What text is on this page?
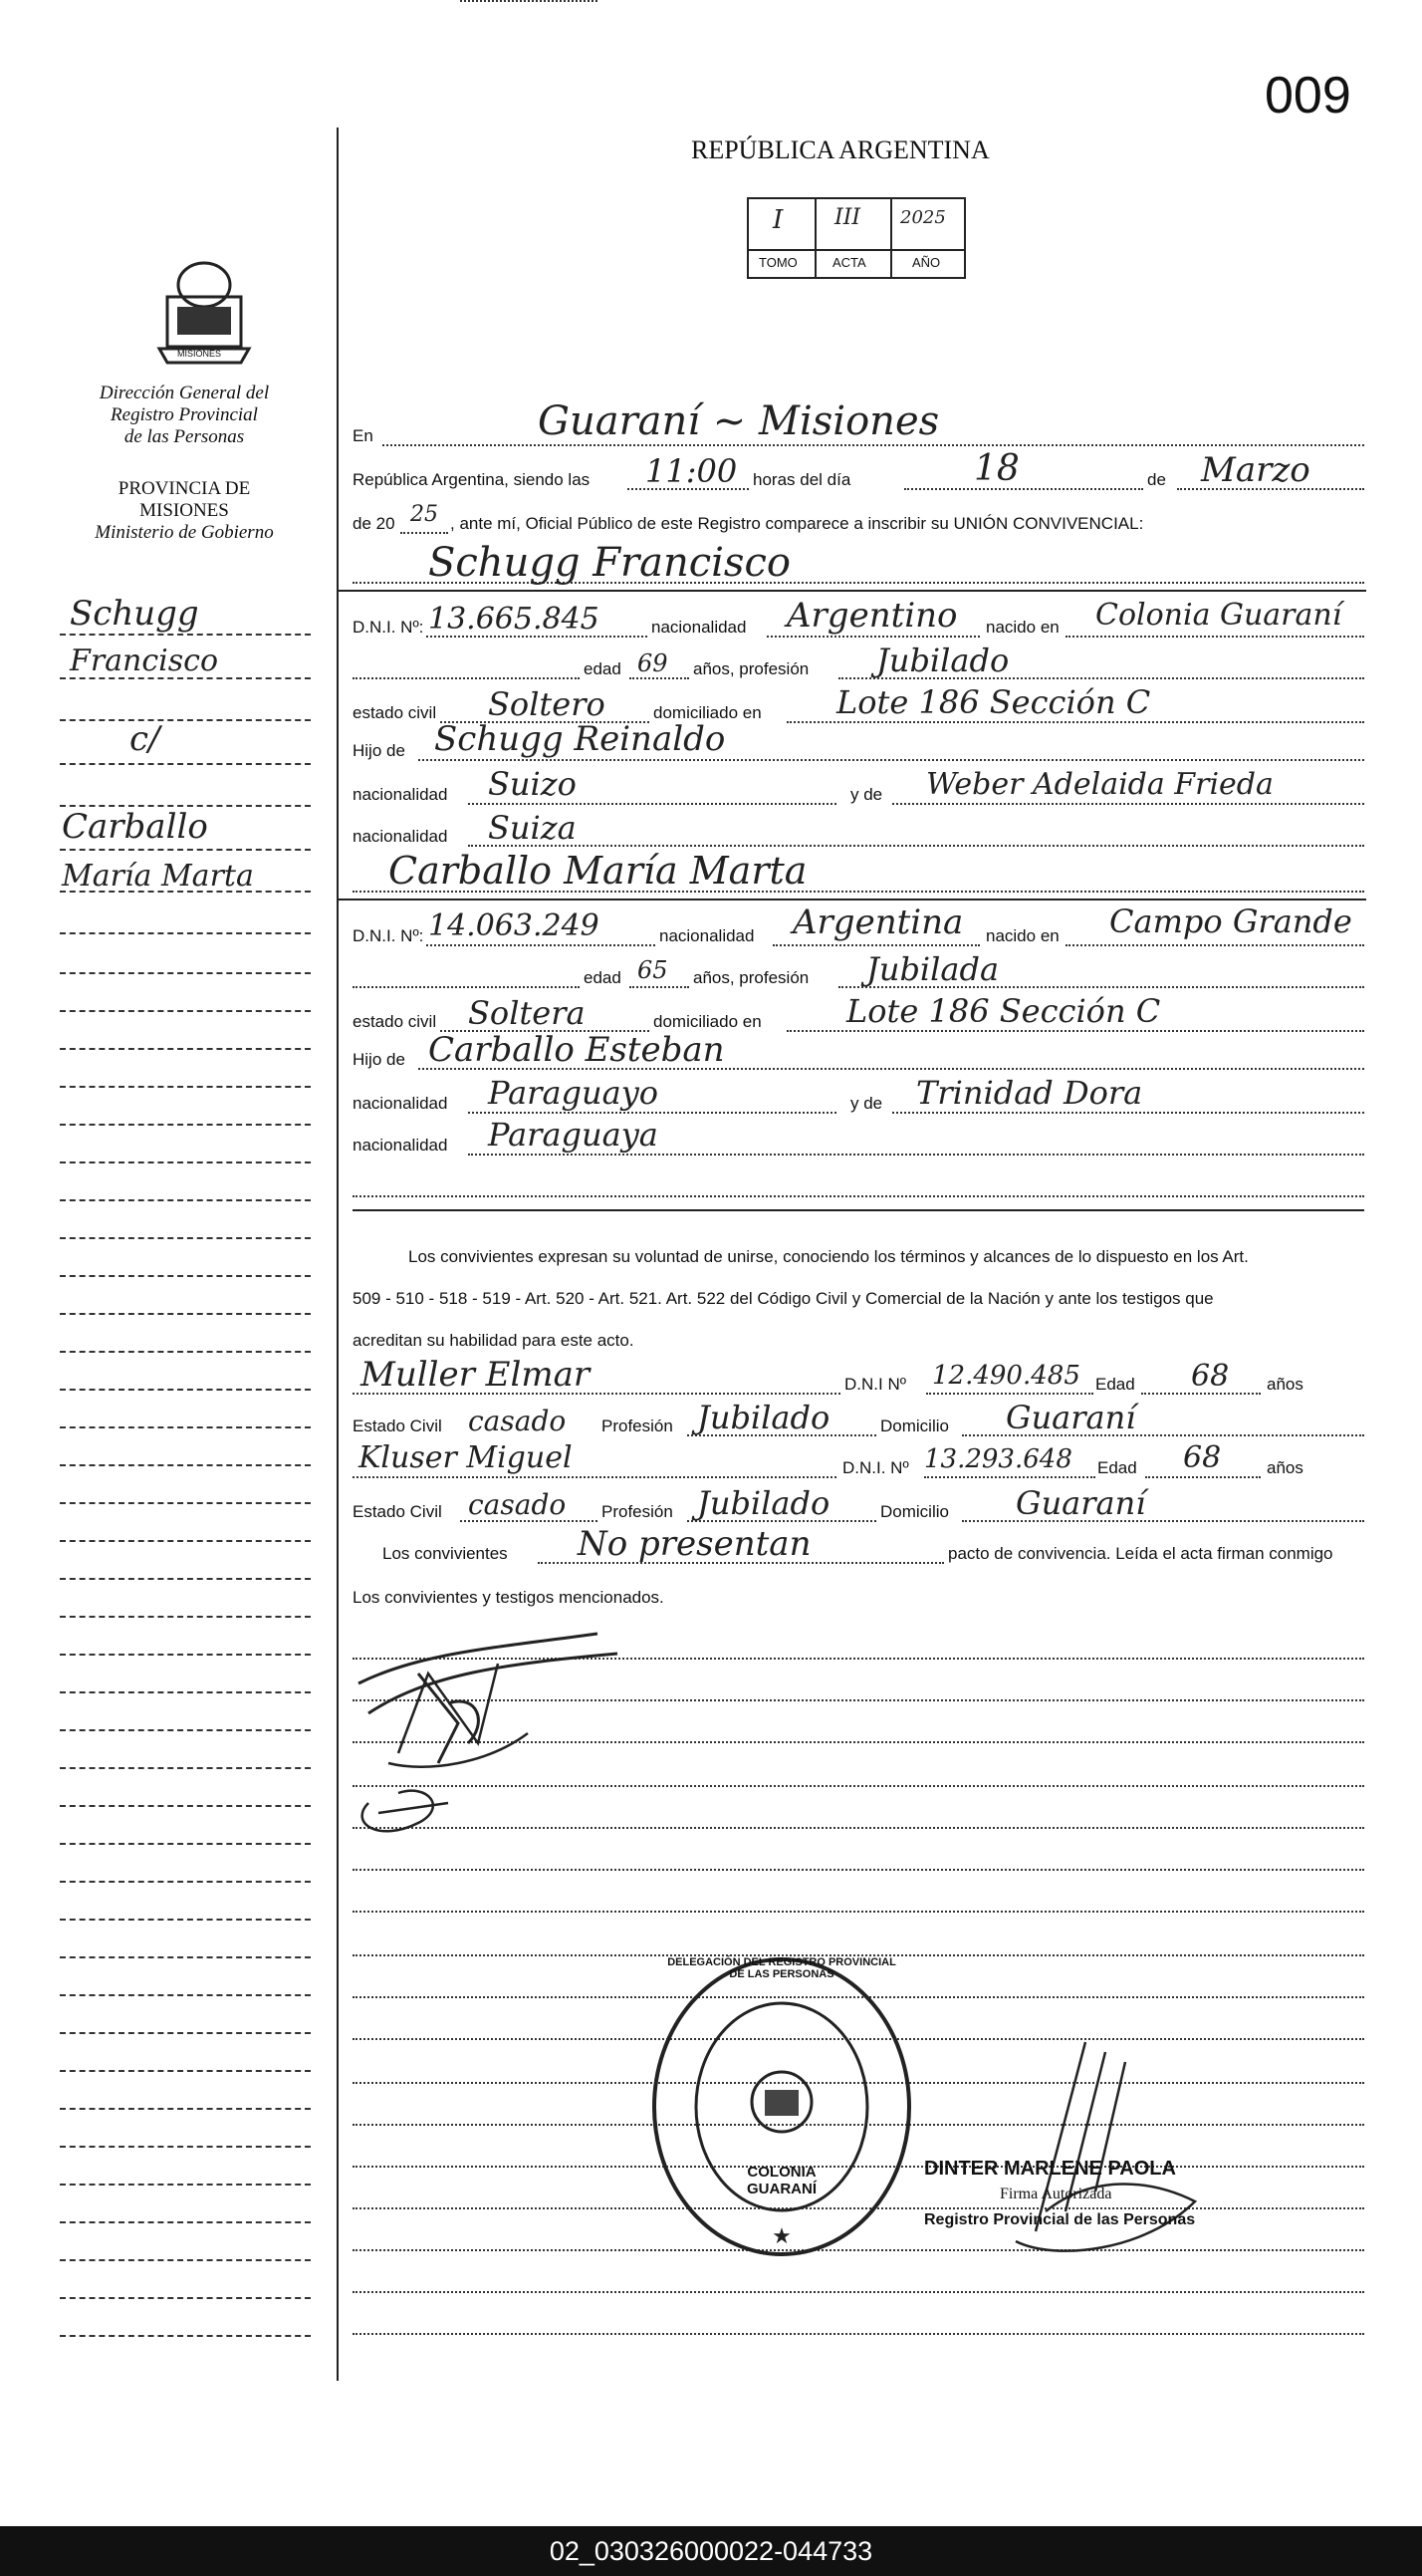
009
REPÚBLICA ARGENTINA
I III 2025
TOMO	ACTA	AÑO
MISIONES
Dirección General del
Registro Provincial
de las Personas
PROVINCIA DE
MISIONES
Ministerio de Gobierno
Schugg
Francisco
c/
Carballo
María Marta
En	Guaraní ~ Misiones
República Argentina, siendo las 11:00 horas del día	18	de Marzo
de 20 25 , ante mí, Oficial Público de este Registro comparece a inscribir su UNIÓN CONVIVENCIAL:
Schugg Francisco
D.N.I. Nº: 13.665.845	nacionalidad Argentino nacido en Colonia Guaraní
edad 69 años, profesión Jubilado
estado civil Soltero	domiciliado en Lote 186 Sección C
Hijo de Schugg Reinaldo
nacionalidad Suizo	y de Weber Adelaida Frieda
nacionalidad Suiza
Carballo María Marta
D.N.I. Nº: 14.063.249	nacionalidad Argentina nacido en Campo Grande
edad 65 años, profesión Jubilada
estado civil Soltera	domiciliado en	Lote 186 Sección C
Hijo de Carballo Esteban
nacionalidad Paraguayo	y de Trinidad Dora
nacionalidad Paraguaya
Los convivientes expresan su voluntad de unirse, conociendo los términos y alcances de lo dispuesto en los Art.
509 - 510 - 518 - 519 - Art. 520 - Art. 521. Art. 522 del Código Civil y Comercial de la Nación y ante los testigos que
acreditan su habilidad para este acto.
Muller Elmar	D.N.I Nº 12.490.485 Edad 68 años
Estado Civil casado Profesión Jubilado	Domicilio Guaraní
Kluser Miguel	D.N.I. Nº 13.293.648 Edad 68	años
Estado Civil casado Profesión Jubilado	Domicilio Guaraní
Los convivientes No presentan	pacto de convivencia. Leída el acta firman conmigo
Los convivientes y testigos mencionados.
★
DELEGACIÓN DEL REGISTRO PROVINCIAL DE LAS PERSONAS
COLONIA GUARANÍ
DINTER MARLENE PAOLA
Firma Autorizada
Registro Provincial de las Personas
02_030326000022-044733
